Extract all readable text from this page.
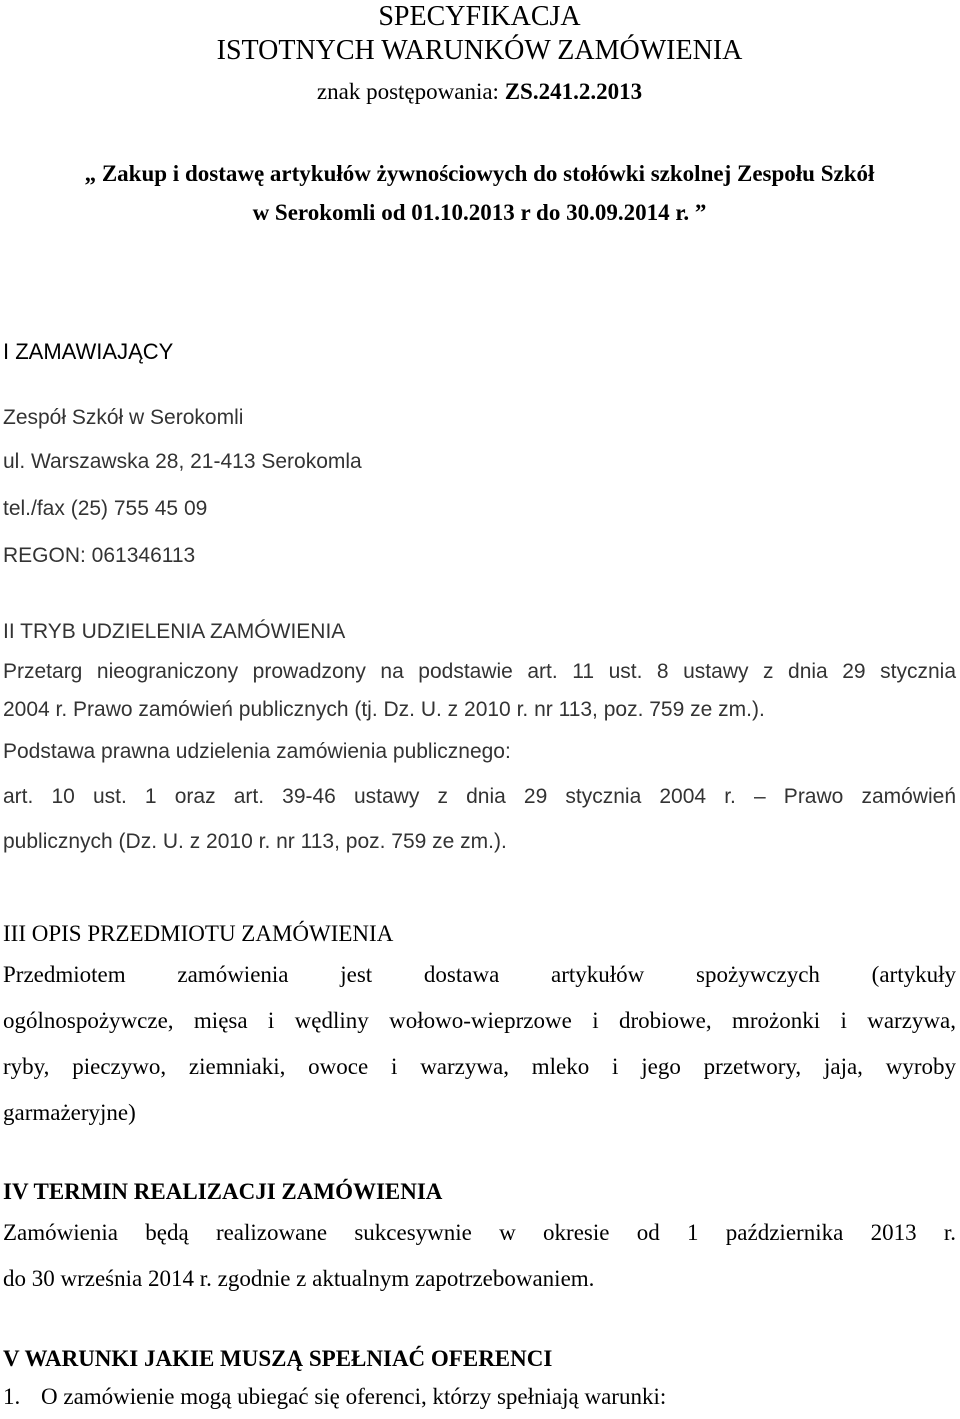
SPECYFIKACJA
ISTOTNYCH WARUNKÓW ZAMÓWIENIA
znak postępowania: ZS.241.2.2013
„ Zakup i dostawę artykułów żywnościowych do stołówki szkolnej Zespołu Szkół
w Serokomli od 01.10.2013 r do 30.09.2014 r. ”
I ZAMAWIAJĄCY
Zespół Szkół w Serokomli
ul. Warszawska 28, 21-413 Serokomla
tel./fax (25) 755 45 09
REGON: 061346113
II TRYB UDZIELENIA ZAMÓWIENIA
Przetarg nieograniczony prowadzony na podstawie art. 11 ust. 8 ustawy z dnia 29 stycznia
2004 r. Prawo zamówień publicznych (tj. Dz. U. z 2010 r. nr 113, poz. 759 ze zm.).
Podstawa prawna udzielenia zamówienia publicznego:
art. 10 ust. 1 oraz art. 39-46 ustawy z dnia 29 stycznia 2004 r. – Prawo zamówień
publicznych (Dz. U. z 2010 r. nr 113, poz. 759 ze zm.).
III OPIS PRZEDMIOTU ZAMÓWIENIA
Przedmiotem zamówienia jest dostawa artykułów spożywczych (artykuły
ogólnospożywcze, mięsa i wędliny wołowo-wieprzowe i drobiowe, mrożonki i warzywa,
ryby, pieczywo, ziemniaki, owoce i warzywa, mleko i jego przetwory, jaja, wyroby
garmażeryjne)
IV TERMIN REALIZACJI ZAMÓWIENIA
Zamówienia będą realizowane sukcesywnie w okresie od 1 października 2013 r.
do 30 września 2014 r. zgodnie z aktualnym zapotrzebowaniem.
V WARUNKI JAKIE MUSZĄ SPEŁNIAĆ OFERENCI
1. O zamówienie mogą ubiegać się oferenci, którzy spełniają warunki:
